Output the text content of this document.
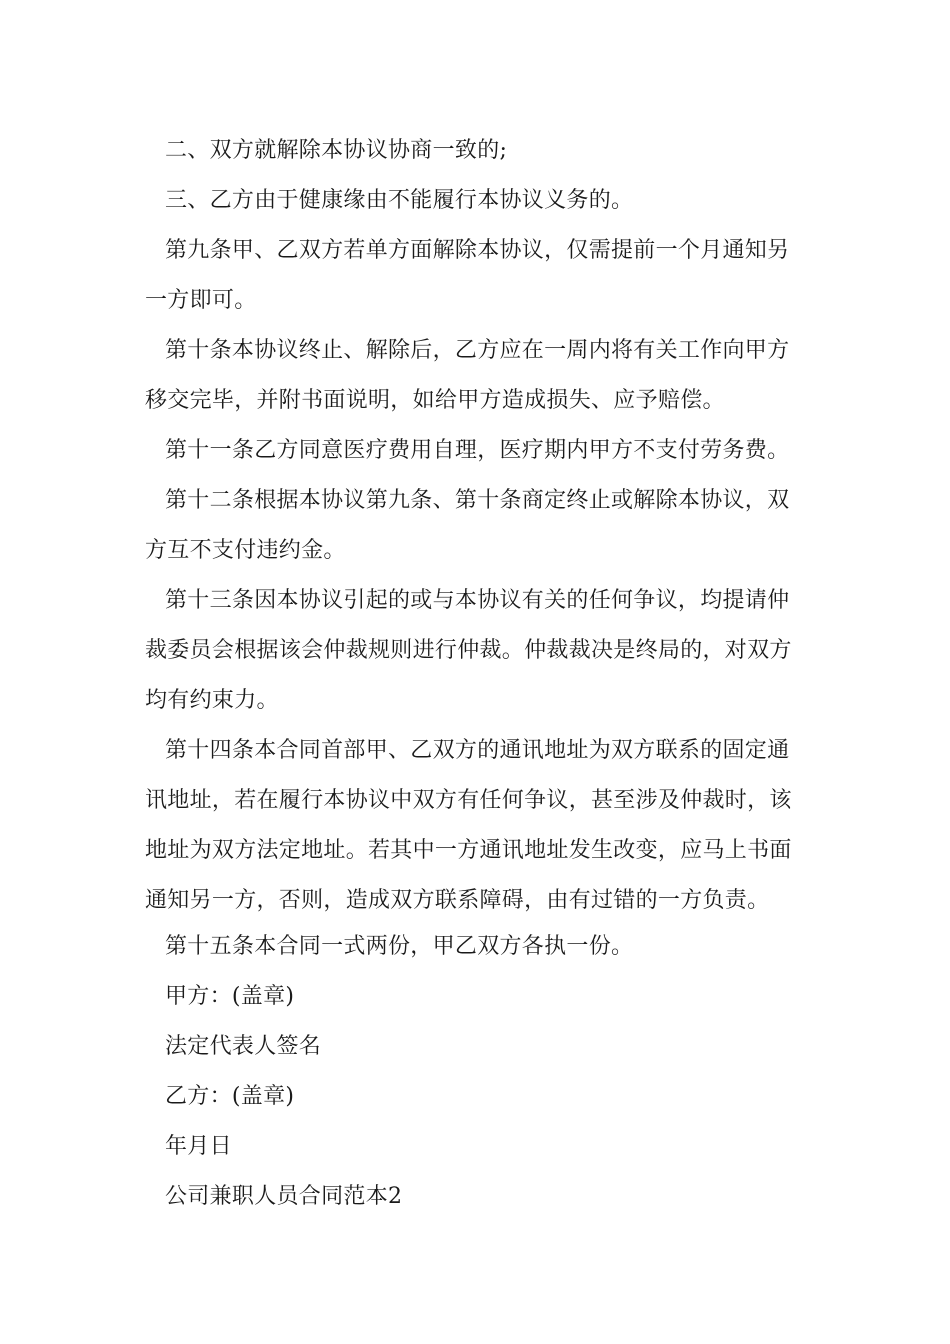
二、双方就解除本协议协商一致的;
三、乙方由于健康缘由不能履行本协议义务的。
第九条甲、乙双方若单方面解除本协议，仅需提前一个月通知另
一方即可。
第十条本协议终止、解除后，乙方应在一周内将有关工作向甲方
移交完毕，并附书面说明，如给甲方造成损失、应予赔偿。
第十一条乙方同意医疗费用自理，医疗期内甲方不支付劳务费。
第十二条根据本协议第九条、第十条商定终止或解除本协议，双
方互不支付违约金。
第十三条因本协议引起的或与本协议有关的任何争议，均提请仲
裁委员会根据该会仲裁规则进行仲裁。仲裁裁决是终局的，对双方
均有约束力。
第十四条本合同首部甲、乙双方的通讯地址为双方联系的固定通
讯地址，若在履行本协议中双方有任何争议，甚至涉及仲裁时，该
地址为双方法定地址。若其中一方通讯地址发生改变，应马上书面
通知另一方，否则，造成双方联系障碍，由有过错的一方负责。
第十五条本合同一式两份，甲乙双方各执一份。
甲方：(盖章)
法定代表人签名
乙方：(盖章)
年月日
公司兼职人员合同范本2
